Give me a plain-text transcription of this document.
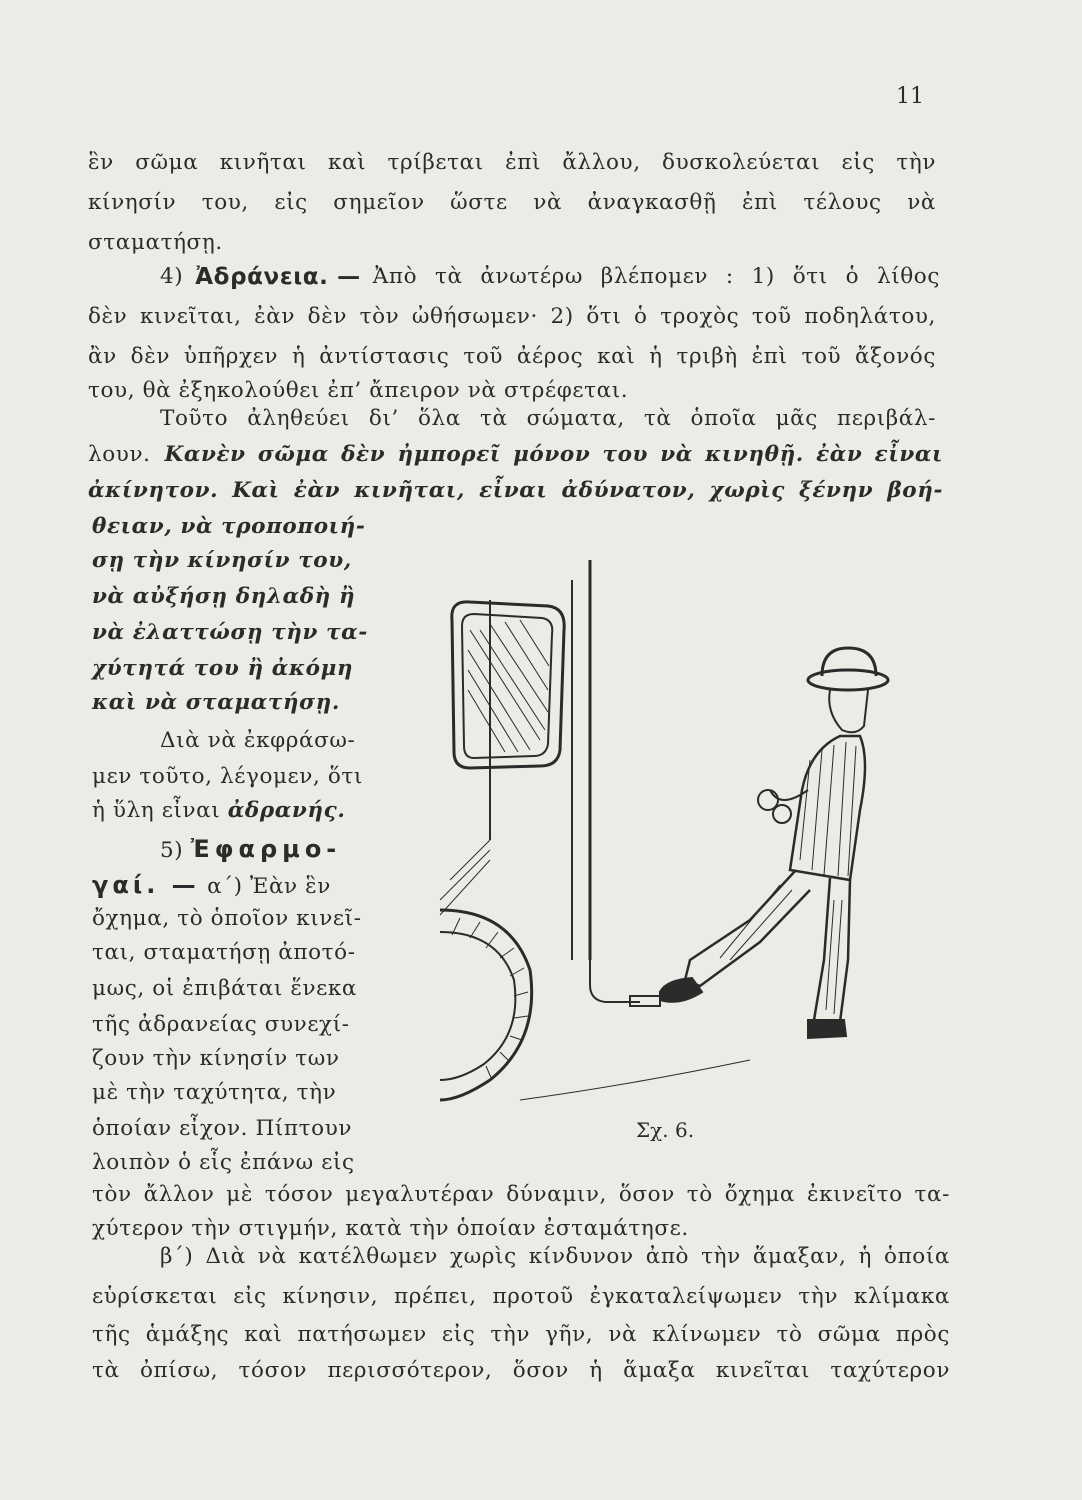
11
ἓν σῶμα κινῆται καὶ τρίβεται ἐπὶ ἄλλου, δυσκολεύεται εἰς τὴν
κίνησίν του, εἰς σημεῖον ὥστε νὰ ἀναγκασθῇ ἐπὶ τέλους νὰ
σταματήσῃ.
4) Ἀδράνεια. — Ἀπὸ τὰ ἀνωτέρω βλέπομεν : 1) ὅτι ὁ λίθος
δὲν κινεῖται, ἐὰν δὲν τὸν ὠθήσωμεν· 2) ὅτι ὁ τροχὸς τοῦ ποδηλάτου,
ἂν δὲν ὑπῆρχεν ἡ ἀντίστασις τοῦ ἀέρος καὶ ἡ τριβὴ ἐπὶ τοῦ ἄξονός
του, θὰ ἐξηκολούθει ἐπ’ ἄπειρον νὰ στρέφεται.
Τοῦτο ἀληθεύει δι’ ὅλα τὰ σώματα, τὰ ὁποῖα μᾶς περιβάλ-
λουν. Κανὲν σῶμα δὲν ἠμπορεῖ μόνον του νὰ κινηθῇ. ἐὰν εἶναι
ἀκίνητον. Καὶ ἐὰν κινῆται, εἶναι ἀδύνατον, χωρὶς ξένην βοή-
θειαν, νὰ τροποποιή-
σῃ τὴν κίνησίν του,
νὰ αὐξήσῃ δηλαδὴ ἢ
νὰ ἐλαττώσῃ τὴν τα-
χύτητά του ἢ ἀκόμη
καὶ νὰ σταματήσῃ.
Διὰ νὰ ἐκφράσω-
μεν τοῦτο, λέγομεν, ὅτι
ἡ ὕλη εἶναι ἀδρανής.
5) Ἐφαρμο-
γαί. — α΄) Ἐὰν ἓν
ὄχημα, τὸ ὁποῖον κινεῖ-
ται, σταματήσῃ ἀποτό-
μως, οἱ ἐπιβάται ἕνεκα
τῆς ἀδρανείας συνεχί-
ζουν τὴν κίνησίν των
μὲ τὴν ταχύτητα, τὴν
ὁποίαν εἶχον. Πίπτουν
λοιπὸν ὁ εἷς ἐπάνω εἰς
τὸν ἄλλον μὲ τόσον μεγαλυτέραν δύναμιν, ὅσον τὸ ὄχημα ἐκινεῖτο τα-
χύτερον τὴν στιγμήν, κατὰ τὴν ὁποίαν ἐσταμάτησε.
β΄) Διὰ νὰ κατέλθωμεν χωρὶς κίνδυνον ἀπὸ τὴν ἅμαξαν, ἡ ὁποία
εὑρίσκεται εἰς κίνησιν, πρέπει, προτοῦ ἐγκαταλείψωμεν τὴν κλίμακα
τῆς ἁμάξης καὶ πατήσωμεν εἰς τὴν γῆν, νὰ κλίνωμεν τὸ σῶμα πρὸς
τὰ ὀπίσω, τόσον περισσότερον, ὅσον ἡ ἅμαξα κινεῖται ταχύτερον
Σχ. 6.
